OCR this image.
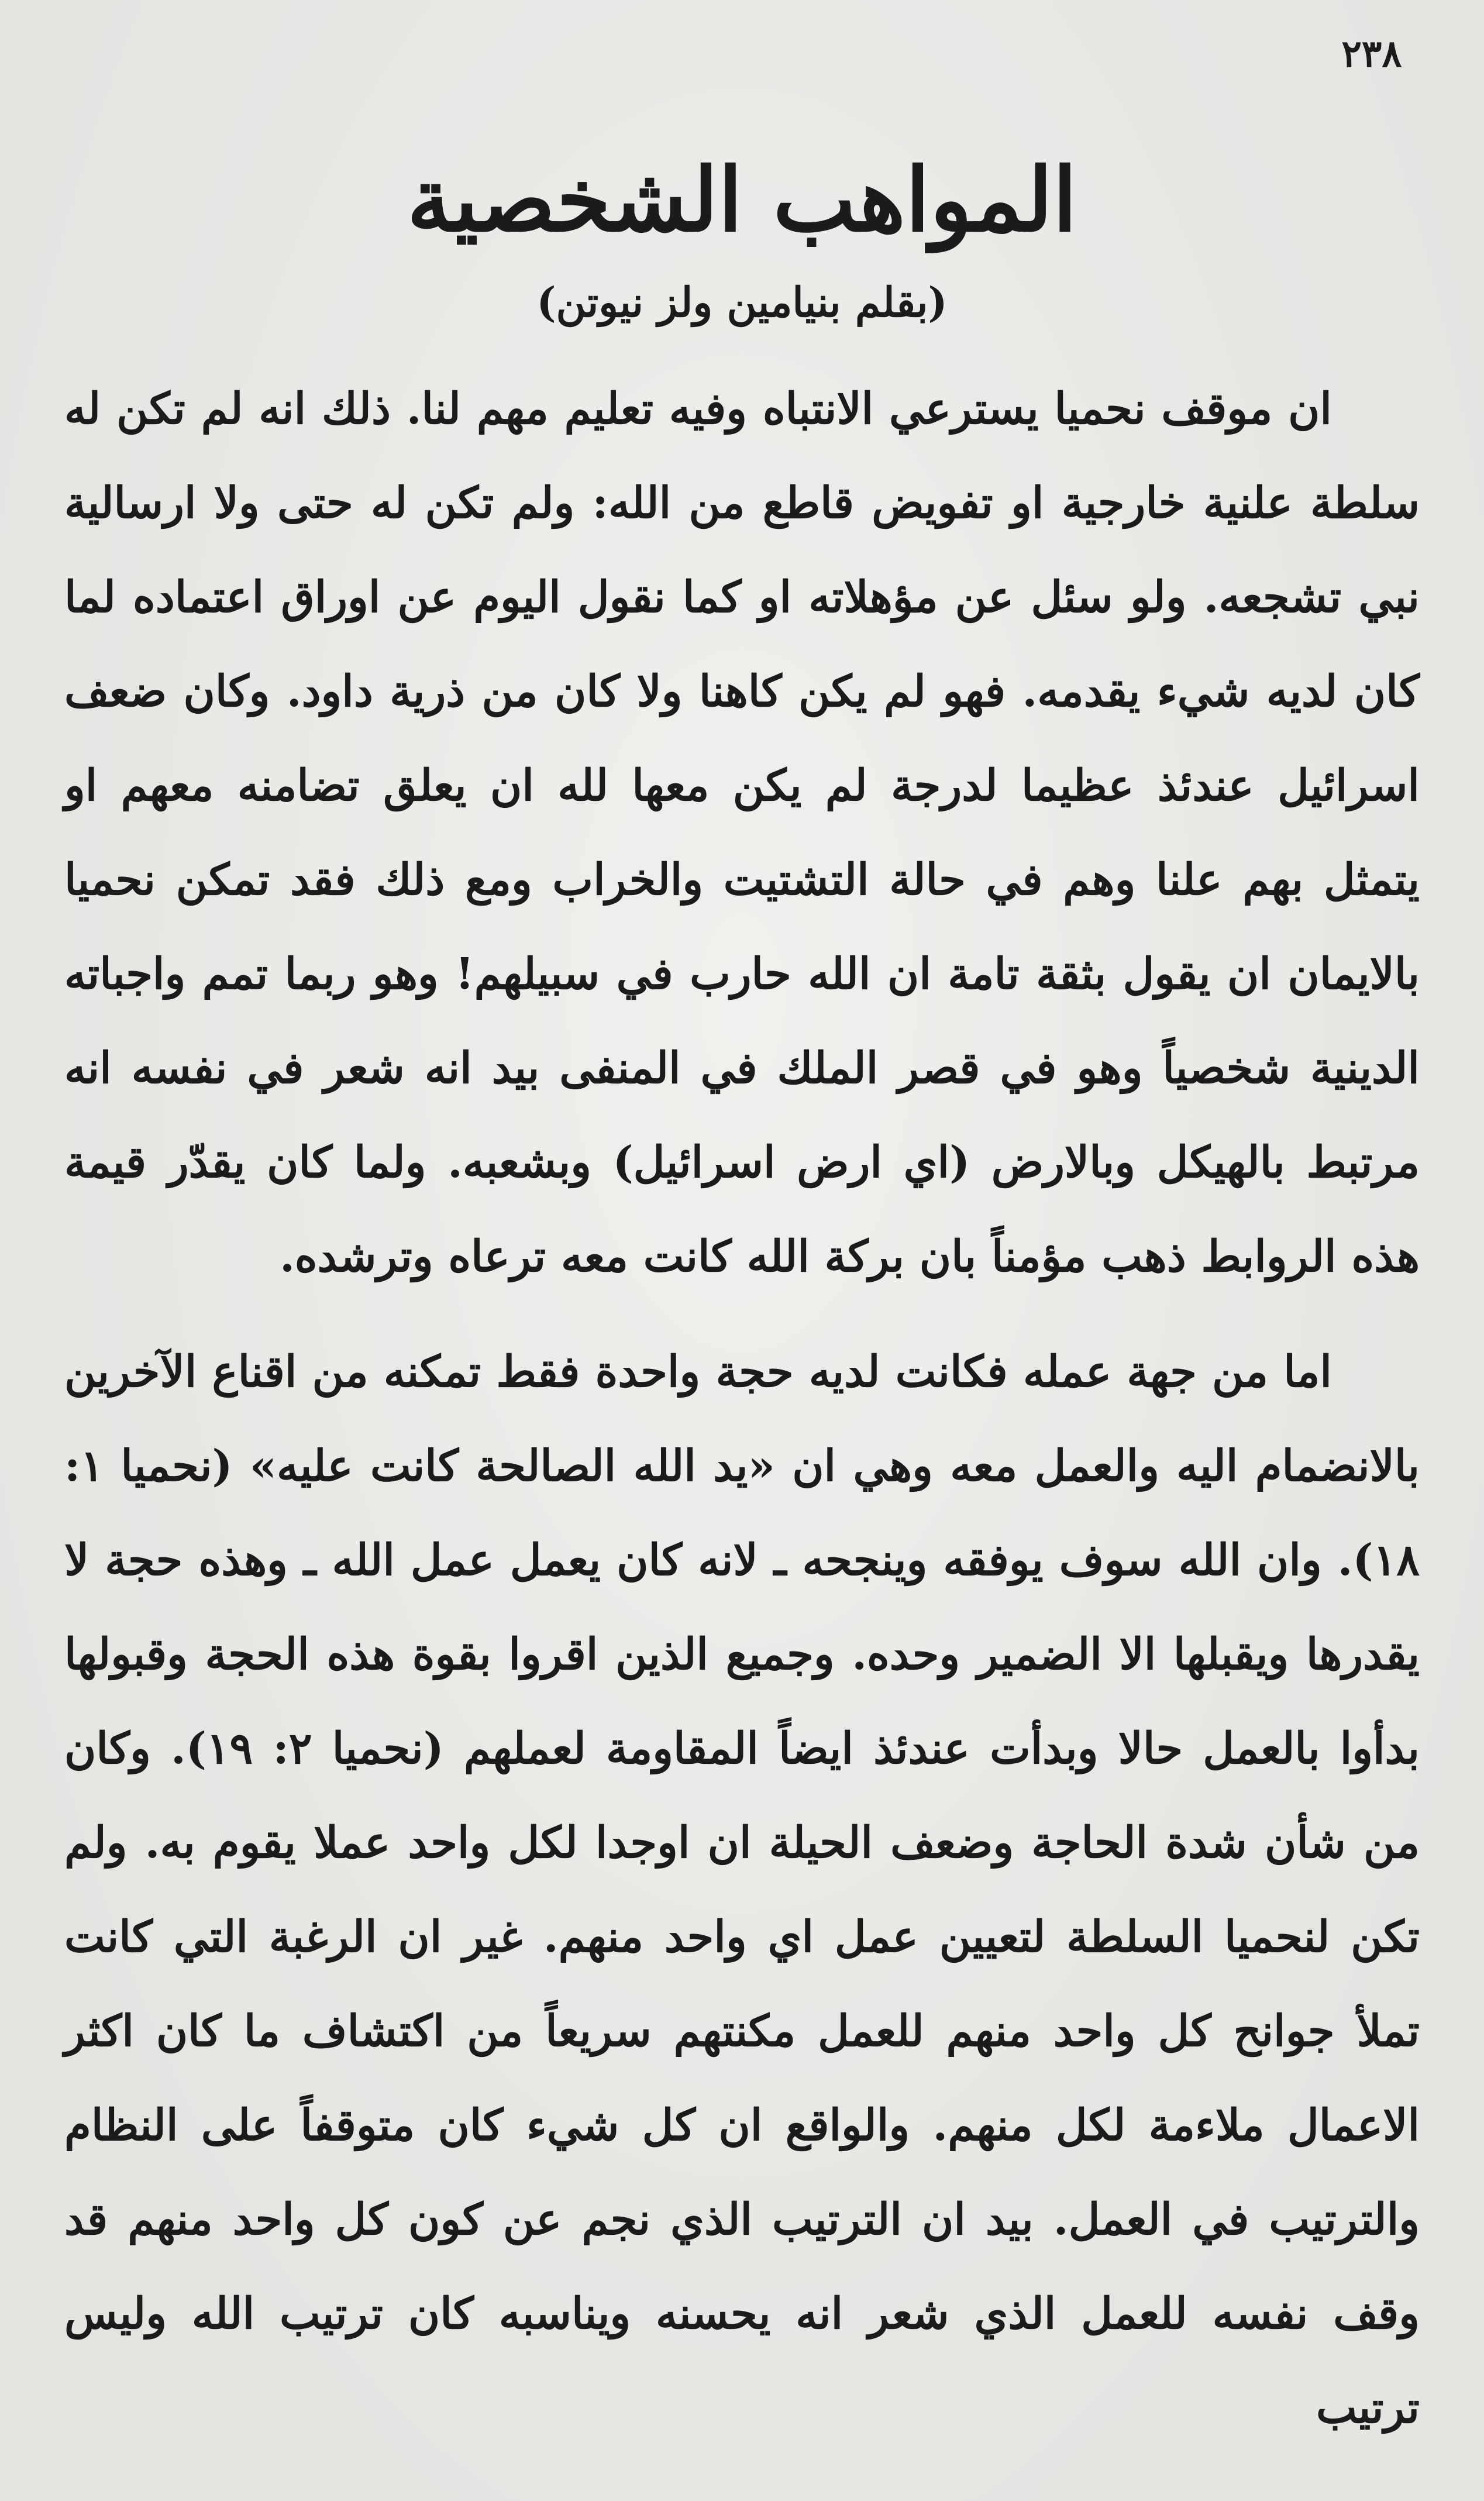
٢٣٨
المواهب الشخصية
(بقلم بنيامين ولز نيوتن)

ان موقف نحميا يسترعي الانتباه وفيه تعليم مهم لنا. ذلك انه لم تكن له سلطة علنية خارجية او تفويض قاطع من الله: ولم تكن له حتى ولا ارسالية نبي تشجعه. ولو سئل عن مؤهلاته او كما نقول اليوم عن اوراق اعتماده لما كان لديه شيء يقدمه. فهو لم يكن كاهنا ولا كان من ذرية داود. وكان ضعف اسرائيل عندئذ عظيما لدرجة لم يكن معها لله ان يعلق تضامنه معهم او يتمثل بهم علنا وهم في حالة التشتيت والخراب ومع ذلك فقد تمكن نحميا بالايمان ان يقول بثقة تامة ان الله حارب في سبيلهم! وهو ربما تمم واجباته الدينية شخصياً وهو في قصر الملك في المنفى بيد انه شعر في نفسه انه مرتبط بالهيكل وبالارض (اي ارض اسرائيل) وبشعبه. ولما كان يقدّر قيمة هذه الروابط ذهب مؤمناً بان بركة الله كانت معه ترعاه وترشده.

اما من جهة عمله فكانت لديه حجة واحدة فقط تمكنه من اقناع الآخرين بالانضمام اليه والعمل معه وهي ان «يد الله الصالحة كانت عليه» (نحميا ١: ١٨). وان الله سوف يوفقه وينجحه ـ لانه كان يعمل عمل الله ـ وهذه حجة لا يقدرها ويقبلها الا الضمير وحده. وجميع الذين اقروا بقوة هذه الحجة وقبولها بدأوا بالعمل حالا وبدأت عندئذ ايضاً المقاومة لعملهم (نحميا ٢: ١٩). وكان من شأن شدة الحاجة وضعف الحيلة ان اوجدا لكل واحد عملا يقوم به. ولم تكن لنحميا السلطة لتعيين عمل اي واحد منهم. غير ان الرغبة التي كانت تملأ جوانح كل واحد منهم للعمل مكنتهم سريعاً من اكتشاف ما كان اكثر الاعمال ملاءمة لكل منهم. والواقع ان كل شيء كان متوقفاً على النظام والترتيب في العمل. بيد ان الترتيب الذي نجم عن كون كل واحد منهم قد وقف نفسه للعمل الذي شعر انه يحسنه ويناسبه كان ترتيب الله وليس ترتيب
